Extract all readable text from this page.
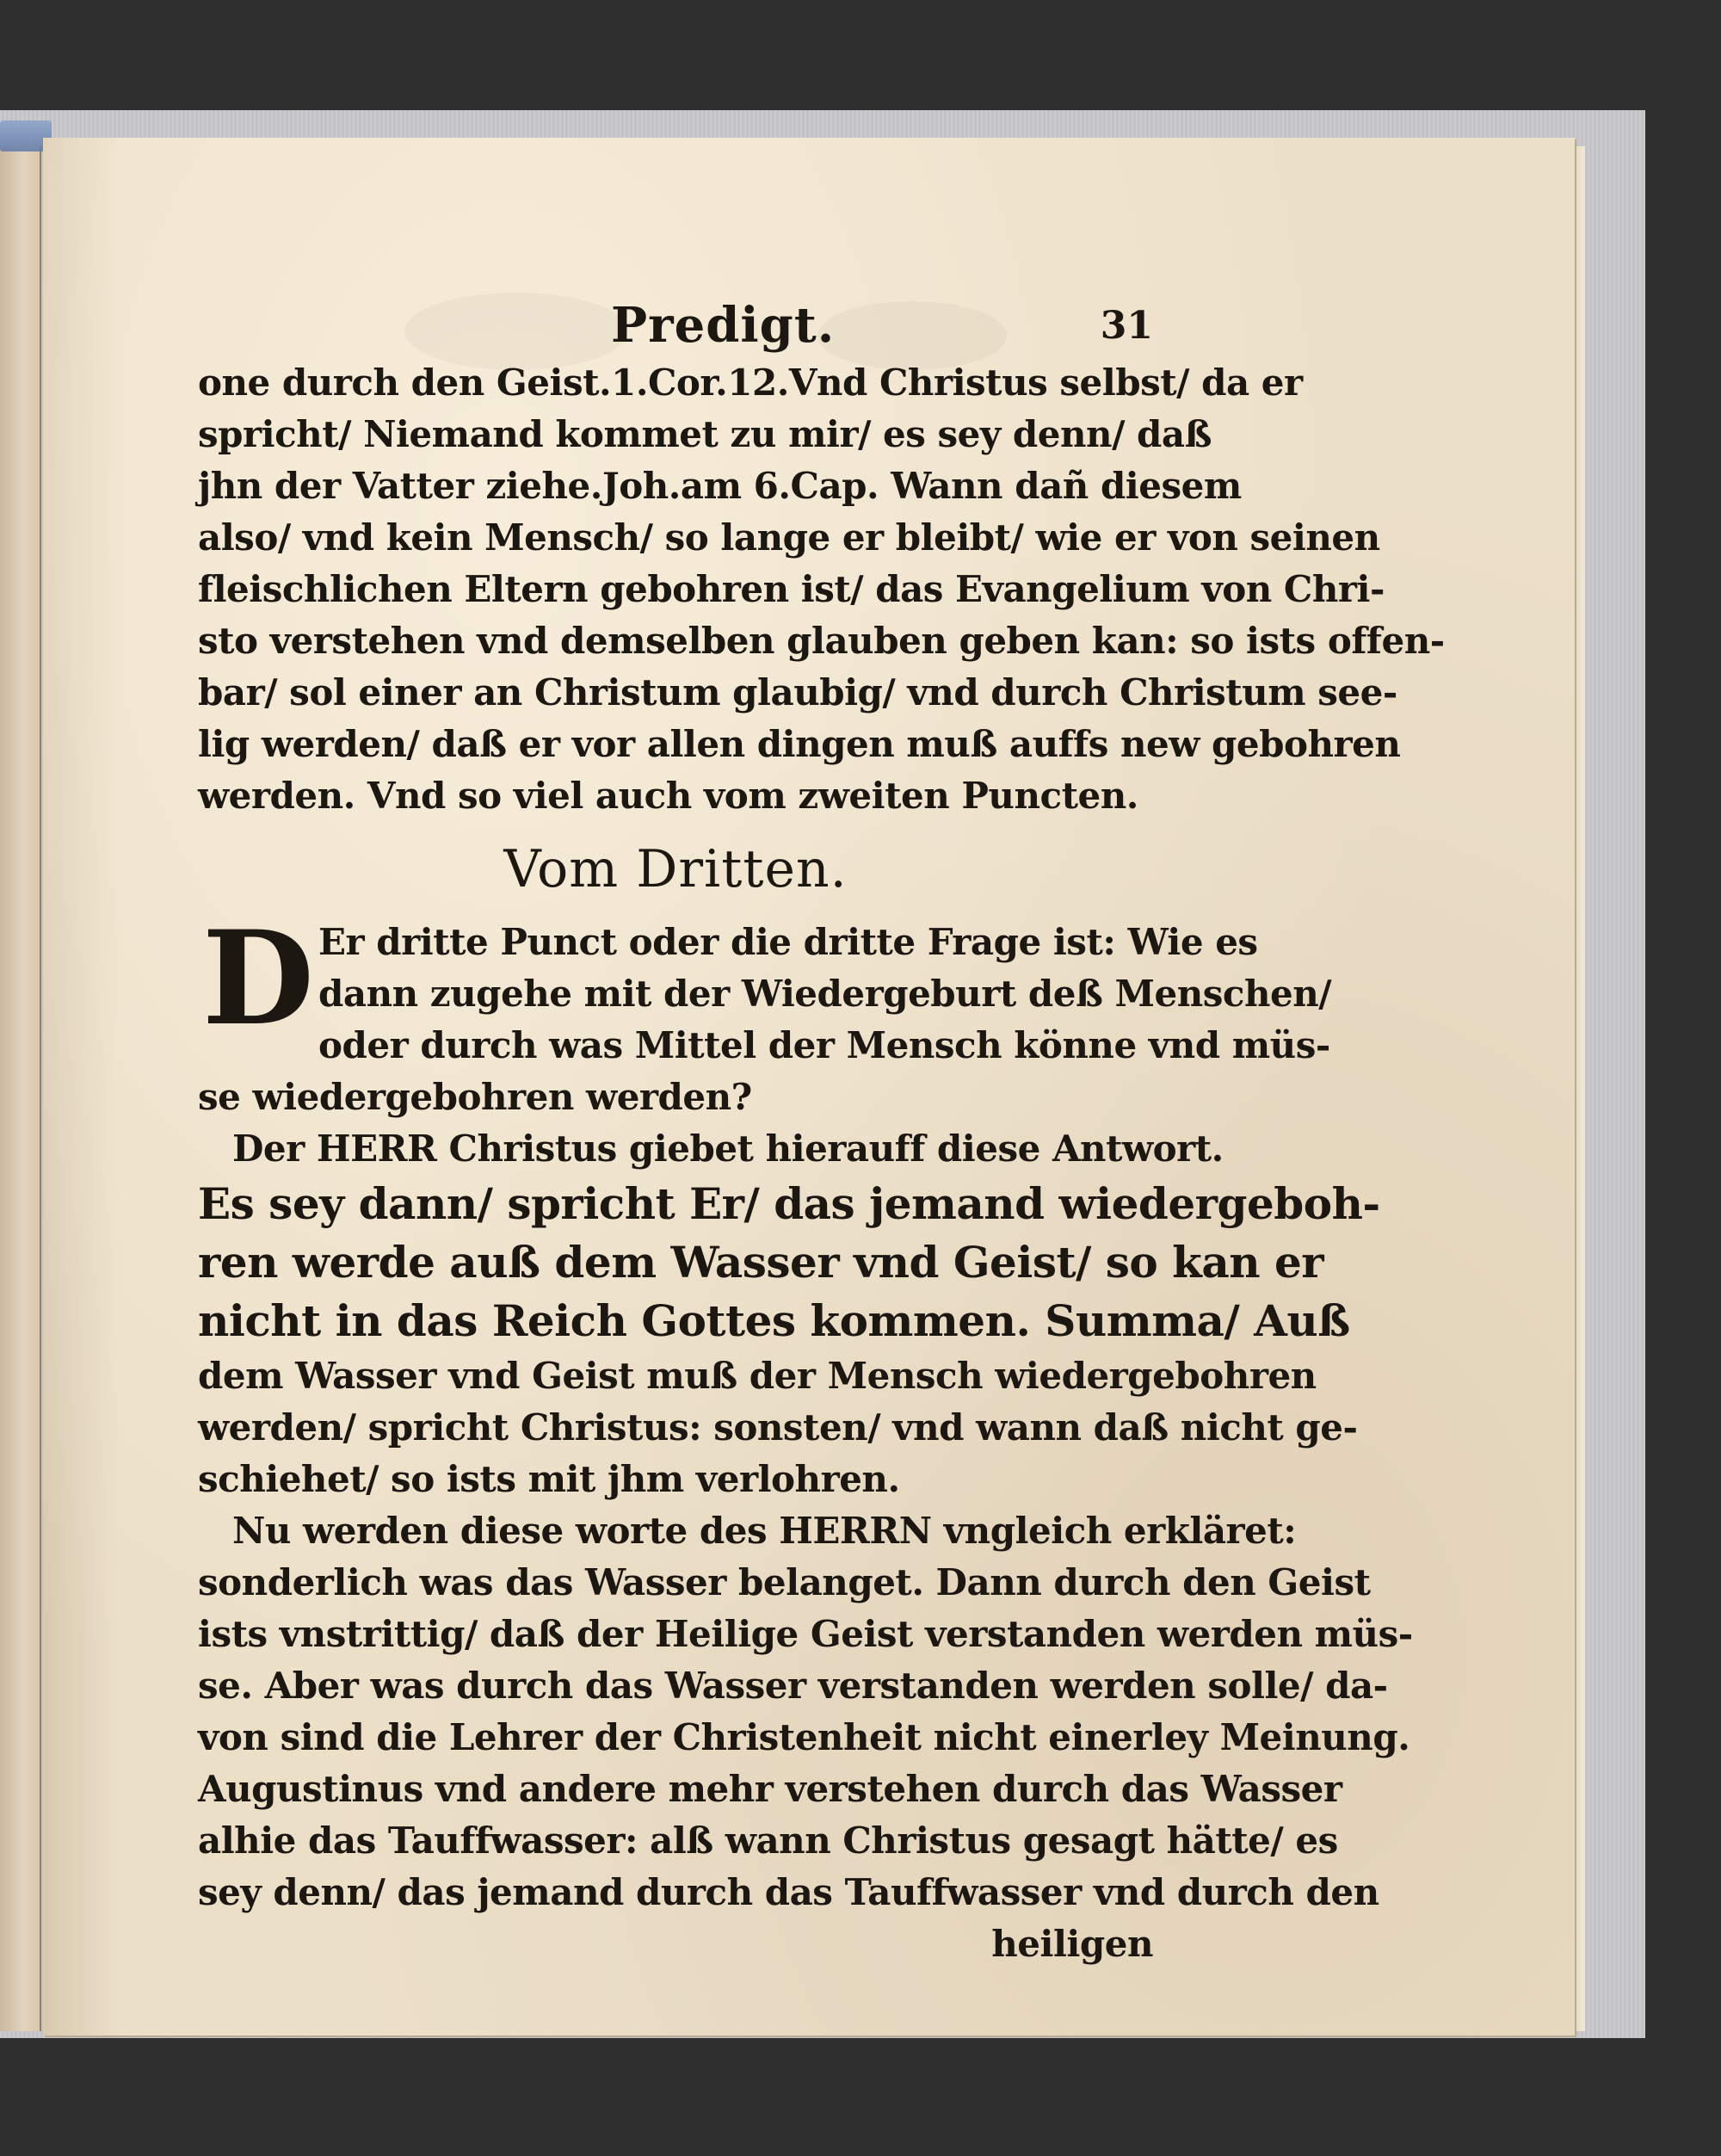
Predigt.	31
one durch den Geist.1.Cor.12.Vnd Christus selbst/ da er
spricht/ Niemand kommet zu mir/ es sey denn/ daß
jhn der Vatter ziehe.Joh.am 6.Cap. Wann dañ diesem
also/ vnd kein Mensch/ so lange er bleibt/ wie er von seinen
fleischlichen Eltern gebohren ist/ das Evangelium von Chri-
sto verstehen vnd demselben glauben geben kan: so ists offen-
bar/ sol einer an Christum glaubig/ vnd durch Christum see-
lig werden/ daß er vor allen dingen muß auffs new gebohren
werden. Vnd so viel auch vom zweiten Puncten.
Vom Dritten.
D Er dritte Punct oder die dritte Frage ist: Wie es
dann zugehe mit der Wiedergeburt deß Menschen/
oder durch was Mittel der Mensch könne vnd müs-
se wiedergebohren werden?
Der HERR Christus giebet hierauff diese Antwort.
Es sey dann/ spricht Er/ das jemand wiedergeboh-
ren werde auß dem Wasser vnd Geist/ so kan er
nicht in das Reich Gottes kommen. Summa/ Auß
dem Wasser vnd Geist muß der Mensch wiedergebohren
werden/ spricht Christus: sonsten/ vnd wann daß nicht ge-
schiehet/ so ists mit jhm verlohren.
Nu werden diese worte des HERRN vngleich erkläret:
sonderlich was das Wasser belanget. Dann durch den Geist
ists vnstrittig/ daß der Heilige Geist verstanden werden müs-
se. Aber was durch das Wasser verstanden werden solle/ da-
von sind die Lehrer der Christenheit nicht einerley Meinung.
Augustinus vnd andere mehr verstehen durch das Wasser
alhie das Tauffwasser: alß wann Christus gesagt hätte/ es
sey denn/ das jemand durch das Tauffwasser vnd durch den
heiligen
